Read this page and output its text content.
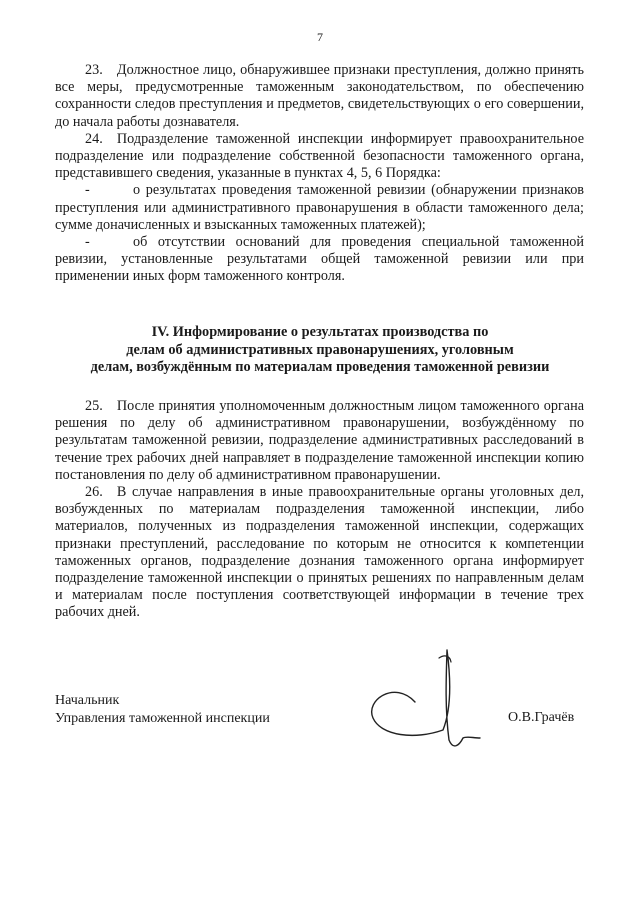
7

23. Должностное лицо, обнаружившее признаки преступления, должно принять все меры, предусмотренные таможенным законодательством, по обеспечению сохранности следов преступления и предметов, свидетельствующих о его совершении, до начала работы дознавателя.

24. Подразделение таможенной инспекции информирует правоохранительное подразделение или подразделение собственной безопасности таможенного органа, представившего сведения, указанные в пунктах 4, 5, 6 Порядка:

-	о результатах проведения таможенной ревизии (обнаружении признаков преступления или административного правонарушения в области таможенного дела; сумме доначисленных и взысканных таможенных платежей);

-	об отсутствии оснований для проведения специальной таможенной ревизии, установленные результатами общей таможенной ревизии или при применении иных форм таможенного контроля.

IV. Информирование о результатах производства по
делам об административных правонарушениях, уголовным
делам, возбуждённым по материалам проведения таможенной ревизии

25. После принятия уполномоченным должностным лицом таможенного органа решения по делу об административном правонарушении, возбуждённому по результатам таможенной ревизии, подразделение административных расследований в течение трех рабочих дней направляет в подразделение таможенной инспекции копию постановления по делу об административном правонарушении.

26. В случае направления в иные правоохранительные органы уголовных дел, возбужденных по материалам подразделения таможенной инспекции, либо материалов, полученных из подразделения таможенной инспекции, содержащих признаки преступлений, расследование по которым не относится к компетенции таможенных органов, подразделение дознания таможенного органа информирует подразделение таможенной инспекции о принятых решениях по направленным делам и материалам после поступления соответствующей информации в течение трех рабочих дней.

Начальник
Управления таможенной инспекции	О.В.Грачёв
